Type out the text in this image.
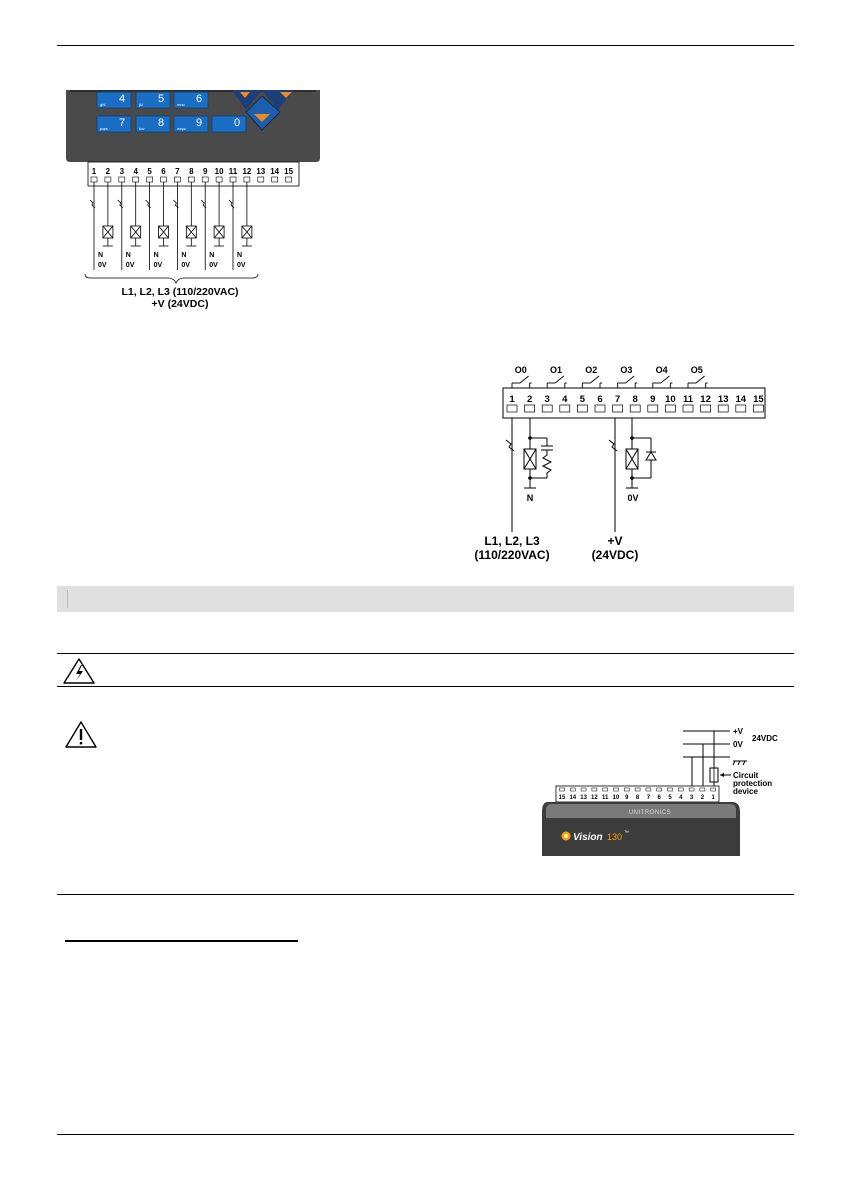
4
ghi	5
jkl	6
mno
7
pqrs	8
tuv	9
wxyz	0
1 2 3 4 5 6 7 8 9 10 11 12 13 14 15
N
0V
N
0V
N
0V
N
0V
N
0V
N
0V
L1, L2, L3 (110/220VAC)
+V (24VDC)
O0	O1	O2	O3	O4	O5
1 2 3 4 5 6 7 8 9 10 11 12 13 14 15
N	0V
L1, L2, L3
(110/220VAC)
+V
(24VDC)
+V
0V
24VDC
Circuit
protection
device
15 14 13 12 11 10 9 8 7 6 5 4 3 2 1
UNITRONICS
Vision 130 ™
